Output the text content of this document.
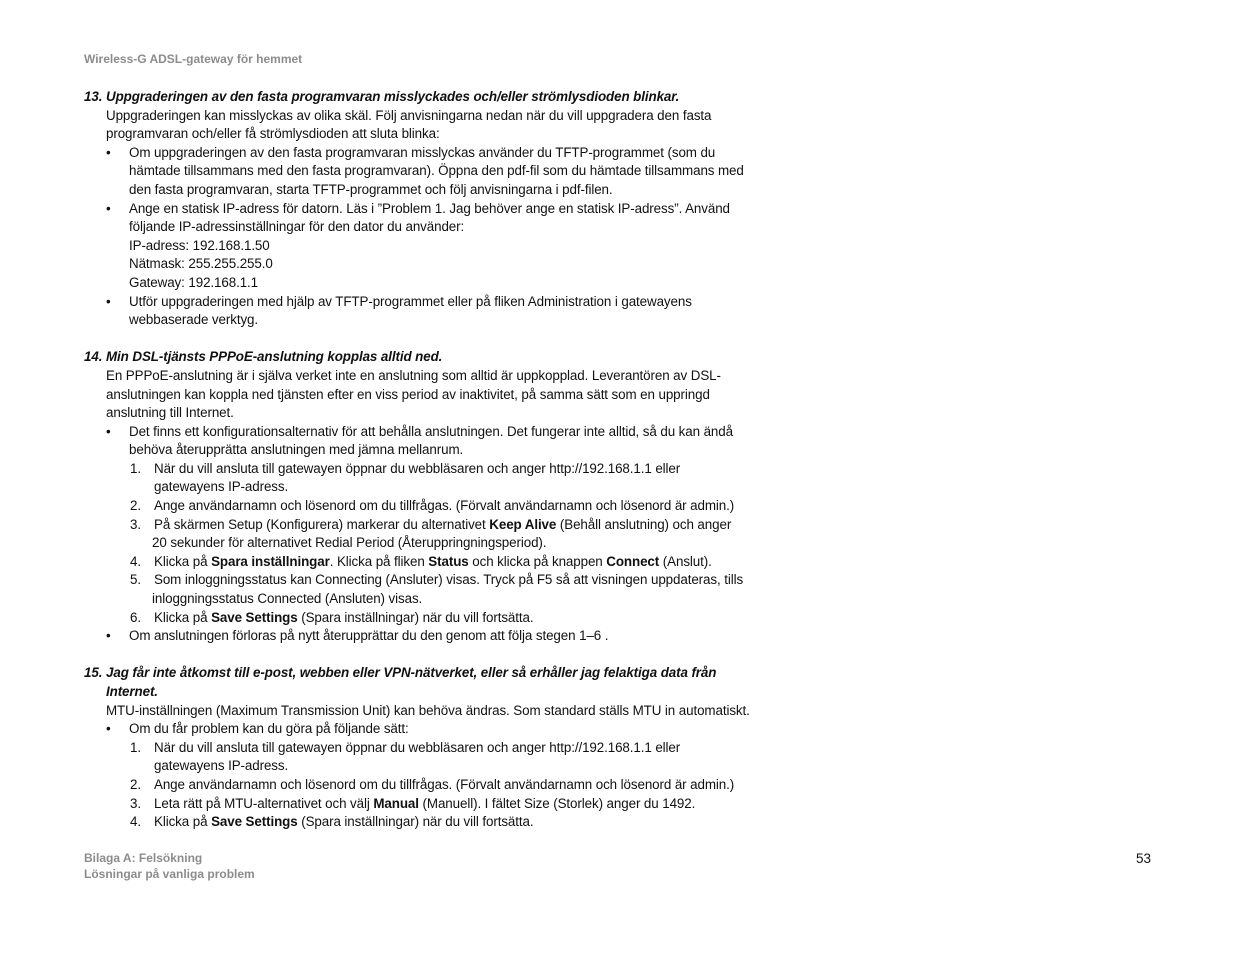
Wireless-G ADSL-gateway för hemmet
13. Uppgraderingen av den fasta programvaran misslyckades och/eller strömlysdioden blinkar.
Uppgraderingen kan misslyckas av olika skäl. Följ anvisningarna nedan när du vill uppgradera den fasta
programvaran och/eller få strömlysdioden att sluta blinka:
• Om uppgraderingen av den fasta programvaran misslyckas använder du TFTP-programmet (som du
hämtade tillsammans med den fasta programvaran). Öppna den pdf-fil som du hämtade tillsammans med
den fasta programvaran, starta TFTP-programmet och följ anvisningarna i pdf-filen.
• Ange en statisk IP-adress för datorn. Läs i ”Problem 1. Jag behöver ange en statisk IP-adress”. Använd
följande IP-adressinställningar för den dator du använder:
IP-adress: 192.168.1.50
Nätmask: 255.255.255.0
Gateway: 192.168.1.1
• Utför uppgraderingen med hjälp av TFTP-programmet eller på fliken Administration i gatewayens
webbaserade verktyg.
14. Min DSL-tjänsts PPPoE-anslutning kopplas alltid ned.
En PPPoE-anslutning är i själva verket inte en anslutning som alltid är uppkopplad. Leverantören av DSL-
anslutningen kan koppla ned tjänsten efter en viss period av inaktivitet, på samma sätt som en uppringd
anslutning till Internet.
• Det finns ett konfigurationsalternativ för att behålla anslutningen. Det fungerar inte alltid, så du kan ändå
behöva återupprätta anslutningen med jämna mellanrum.
1. När du vill ansluta till gatewayen öppnar du webbläsaren och anger http://192.168.1.1 eller
gatewayens IP-adress.
2. Ange användarnamn och lösenord om du tillfrågas. (Förvalt användarnamn och lösenord är admin.)
3. På skärmen Setup (Konfigurera) markerar du alternativet Keep Alive (Behåll anslutning) och anger
20 sekunder för alternativet Redial Period (Återuppringningsperiod).
4. Klicka på Spara inställningar. Klicka på fliken Status och klicka på knappen Connect (Anslut).
5. Som inloggningsstatus kan Connecting (Ansluter) visas. Tryck på F5 så att visningen uppdateras, tills
inloggningsstatus Connected (Ansluten) visas.
6. Klicka på Save Settings (Spara inställningar) när du vill fortsätta.
• Om anslutningen förloras på nytt återupprättar du den genom att följa stegen 1–6 .
15. Jag får inte åtkomst till e-post, webben eller VPN-nätverket, eller så erhåller jag felaktiga data från
Internet.
MTU-inställningen (Maximum Transmission Unit) kan behöva ändras. Som standard ställs MTU in automatiskt.
• Om du får problem kan du göra på följande sätt:
1. När du vill ansluta till gatewayen öppnar du webbläsaren och anger http://192.168.1.1 eller
gatewayens IP-adress.
2. Ange användarnamn och lösenord om du tillfrågas. (Förvalt användarnamn och lösenord är admin.)
3. Leta rätt på MTU-alternativet och välj Manual (Manuell). I fältet Size (Storlek) anger du 1492.
4. Klicka på Save Settings (Spara inställningar) när du vill fortsätta.
Bilaga A: Felsökning
Lösningar på vanliga problem
53
